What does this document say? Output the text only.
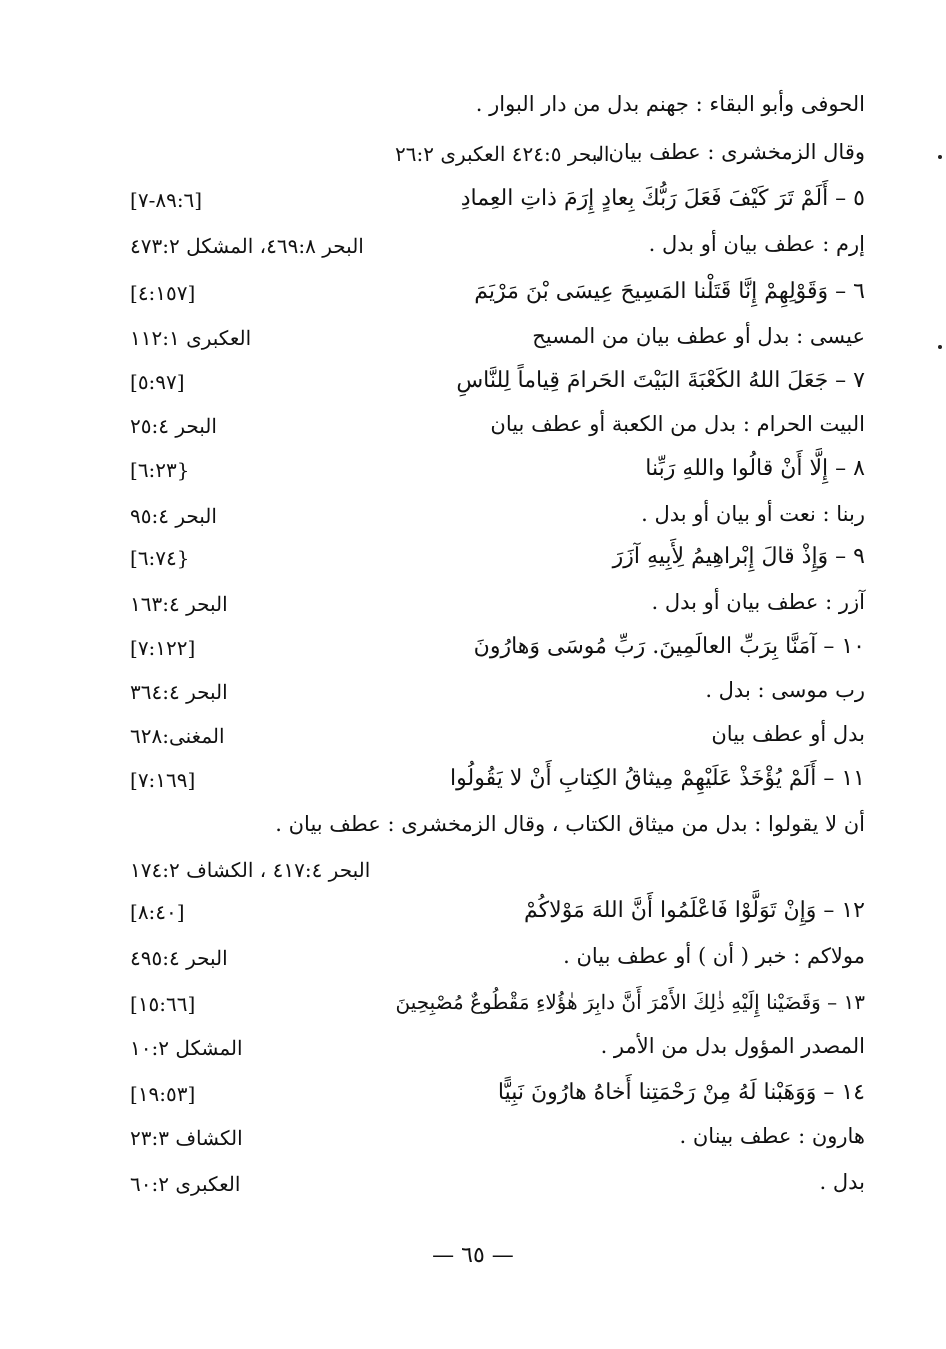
الحوفى وأبو البقاء : جهنم بدل من دار البوار .
وقال الزمخشرى : عطف بيان .
البحر ٤٢٤:٥ العكبرى ٢٦:٢
٥ – أَلَمْ تَرَ كَيْفَ فَعَلَ رَبُّكَ بِعادٍ إِرَمَ ذاتِ العِمادِ
[٨٩:٦-٧]
إرم : عطف بيان أو بدل .
البحر ٤٦٩:٨، المشكل ٤٧٣:٢
٦ – وَقَوْلِهِمْ إِنَّا قَتَلْنا المَسِيحَ عِيسَى بْنَ مَرْيَمَ
[٤:١٥٧]
عيسى : بدل أو عطف بيان من المسيح
العكبرى ١١٢:١
٧ – جَعَلَ اللهُ الكَعْبَةَ البَيْتَ الحَرامَ قِياماً لِلنَّاسِ
[٥:٩٧]
البيت الحرام : بدل من الكعبة أو عطف بيان
البحر ٢٥:٤
٨ – إِلَّا أَنْ قالُوا واللهِ رَبِّنا
[٦:٢٣}
ربنا : نعت أو بيان أو بدل .
البحر ٩٥:٤
٩ – وَإِذْ قالَ إِبْراهِيمُ لِأَبِيهِ آزَرَ
[٦:٧٤}
آزر : عطف بيان أو بدل .
البحر ١٦٣:٤
١٠ – آمَنَّا بِرَبِّ العالَمِينَ. رَبِّ مُوسَى وَهارُونَ
[٧:١٢٢]
رب موسى : بدل .
البحر ٣٦٤:٤
بدل أو عطف بيان
المغنى:٦٢٨
١١ – أَلَمْ يُؤْخَذْ عَلَيْهِمْ مِيثاقُ الكِتابِ أَنْ لا يَقُولُوا
[٧:١٦٩]
أن لا يقولوا : بدل من ميثاق الكتاب ، وقال الزمخشرى : عطف بيان .
البحر ٤١٧:٤ ، الكشاف ١٧٤:٢
١٢ – وَإِنْ تَوَلَّوْا فَاعْلَمُوا أَنَّ اللهَ مَوْلاكُمْ
[٨:٤٠]
مولاكم : خبر ( أن ) أو عطف بيان .
البحر ٤٩٥:٤
١٣ – وَقَضَيْنا إِلَيْهِ ذٰلِكَ الأَمْرَ أَنَّ دابِرَ هٰؤُلاءِ مَقْطُوعٌ مُصْبِحِينَ
[١٥:٦٦]
المصدر المؤول بدل من الأمر .
المشكل ١٠:٢
١٤ – وَوَهَبْنا لَهُ مِنْ رَحْمَتِنا أَخاهُ هارُونَ نَبِيًّا
[١٩:٥٣]
هارون : عطف بينان .
الكشاف ٢٣:٣
بدل .
العكبرى ٦٠:٢
— ٦٥ —
